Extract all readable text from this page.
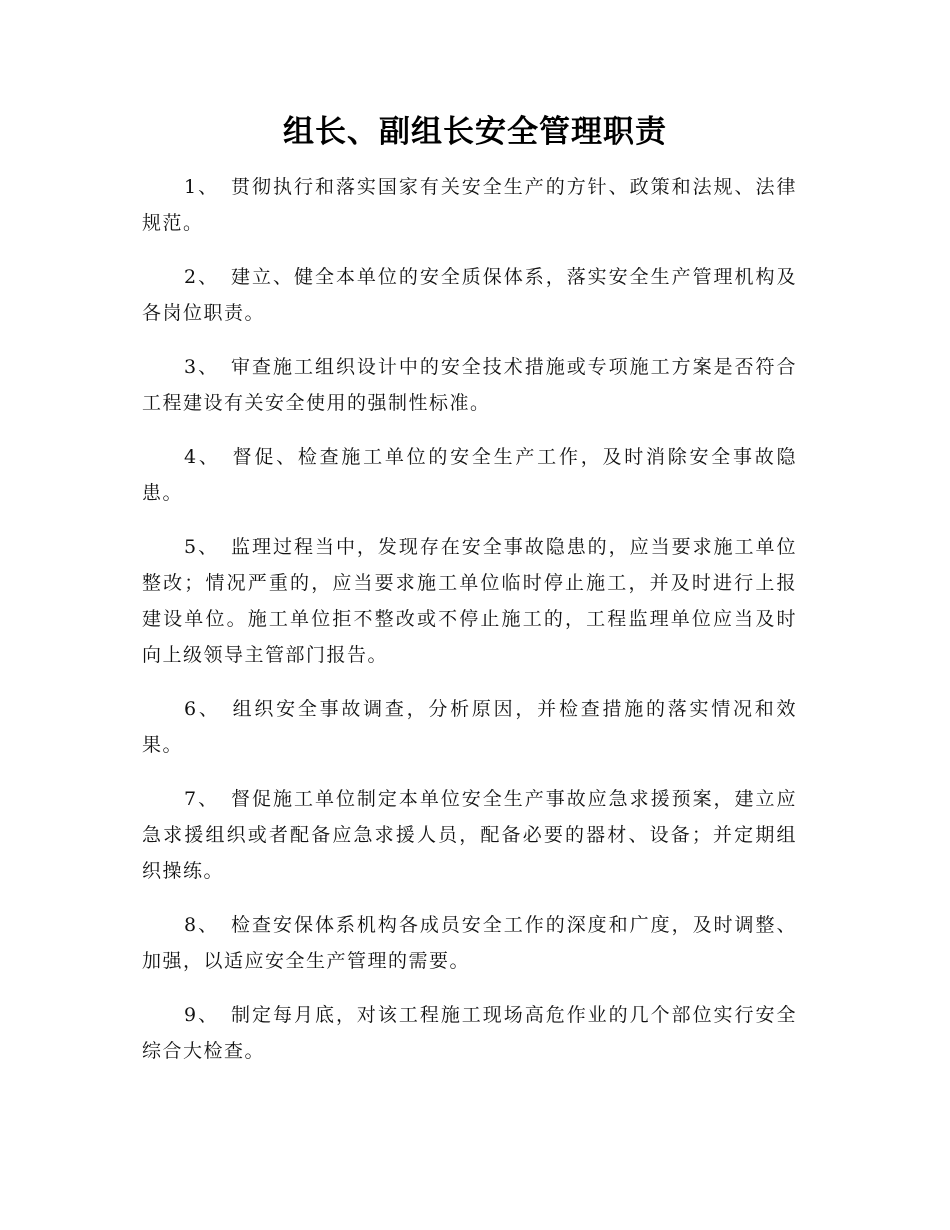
组长、副组长安全管理职责

1、 贯彻执行和落实国家有关安全生产的方针、政策和法规、法律规范。

2、 建立、健全本单位的安全质保体系，落实安全生产管理机构及各岗位职责。

3、 审查施工组织设计中的安全技术措施或专项施工方案是否符合工程建设有关安全使用的强制性标准。

4、 督促、检查施工单位的安全生产工作，及时消除安全事故隐患。

5、 监理过程当中，发现存在安全事故隐患的，应当要求施工单位整改；情况严重的，应当要求施工单位临时停止施工，并及时进行上报建设单位。施工单位拒不整改或不停止施工的，工程监理单位应当及时向上级领导主管部门报告。

6、 组织安全事故调查，分析原因，并检查措施的落实情况和效果。

7、 督促施工单位制定本单位安全生产事故应急求援预案，建立应急求援组织或者配备应急求援人员，配备必要的器材、设备；并定期组织操练。

8、 检查安保体系机构各成员安全工作的深度和广度，及时调整、加强，以适应安全生产管理的需要。

9、 制定每月底，对该工程施工现场高危作业的几个部位实行安全综合大检查。
